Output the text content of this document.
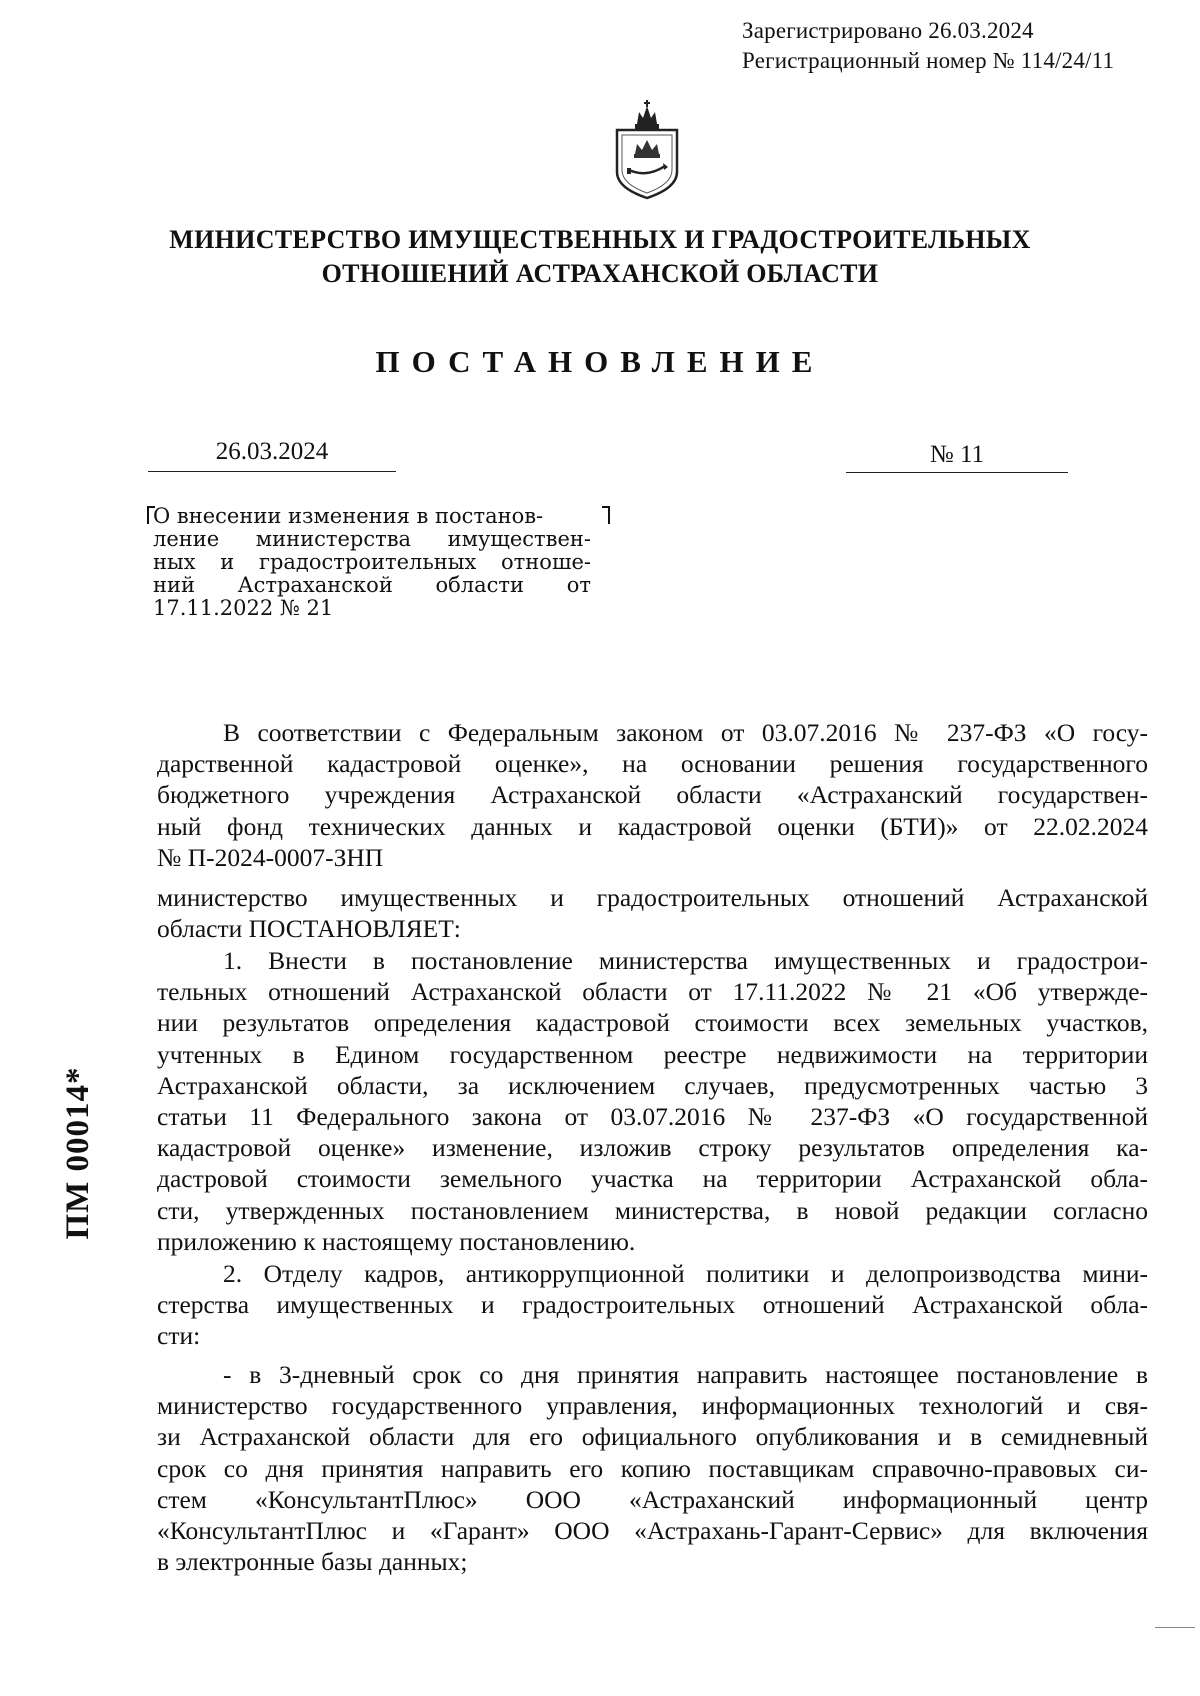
Зарегистрировано 26.03.2024
Регистрационный номер № 114/24/11
МИНИСТЕРСТВО ИМУЩЕСТВЕННЫХ И ГРАДОСТРОИТЕЛЬНЫХ
ОТНОШЕНИЙ АСТРАХАНСКОЙ ОБЛАСТИ
ПОСТАНОВЛЕНИЕ
26.03.2024	№ 11
О внесении изменения в постанов-
ление министерства имуществен-
ных и градостроительных отноше-
ний Астраханской области от
17.11.2022 № 21
В соответствии с Федеральным законом от 03.07.2016 № 237-ФЗ «О госу-
дарственной кадастровой оценке», на основании решения государственного
бюджетного учреждения Астраханской области «Астраханский государствен-
ный фонд технических данных и кадастровой оценки (БТИ)» от 22.02.2024
№ П-2024-0007-ЗНП
министерство имущественных и градостроительных отношений Астраханской
области ПОСТАНОВЛЯЕТ:
1. Внести в постановление министерства имущественных и градострои-
тельных отношений Астраханской области от 17.11.2022 № 21 «Об утвержде-
нии результатов определения кадастровой стоимости всех земельных участков,
учтенных в Едином государственном реестре недвижимости на территории
Астраханской области, за исключением случаев, предусмотренных частью 3
статьи 11 Федерального закона от 03.07.2016 № 237-ФЗ «О государственной
кадастровой оценке» изменение, изложив строку результатов определения ка-
дастровой стоимости земельного участка на территории Астраханской обла-
сти, утвержденных постановлением министерства, в новой редакции согласно
приложению к настоящему постановлению.
2. Отделу кадров, антикоррупционной политики и делопроизводства мини-
стерства имущественных и градостроительных отношений Астраханской обла-
сти:
- в 3-дневный срок со дня принятия направить настоящее постановление в
министерство государственного управления, информационных технологий и свя-
зи Астраханской области для его официального опубликования и в семидневный
срок со дня принятия направить его копию поставщикам справочно-правовых си-
стем «КонсультантПлюс» ООО «Астраханский информационный центр
«КонсультантПлюс и «Гарант» ООО «Астрахань-Гарант-Сервис» для включения
в электронные базы данных;
ПМ 00014*
